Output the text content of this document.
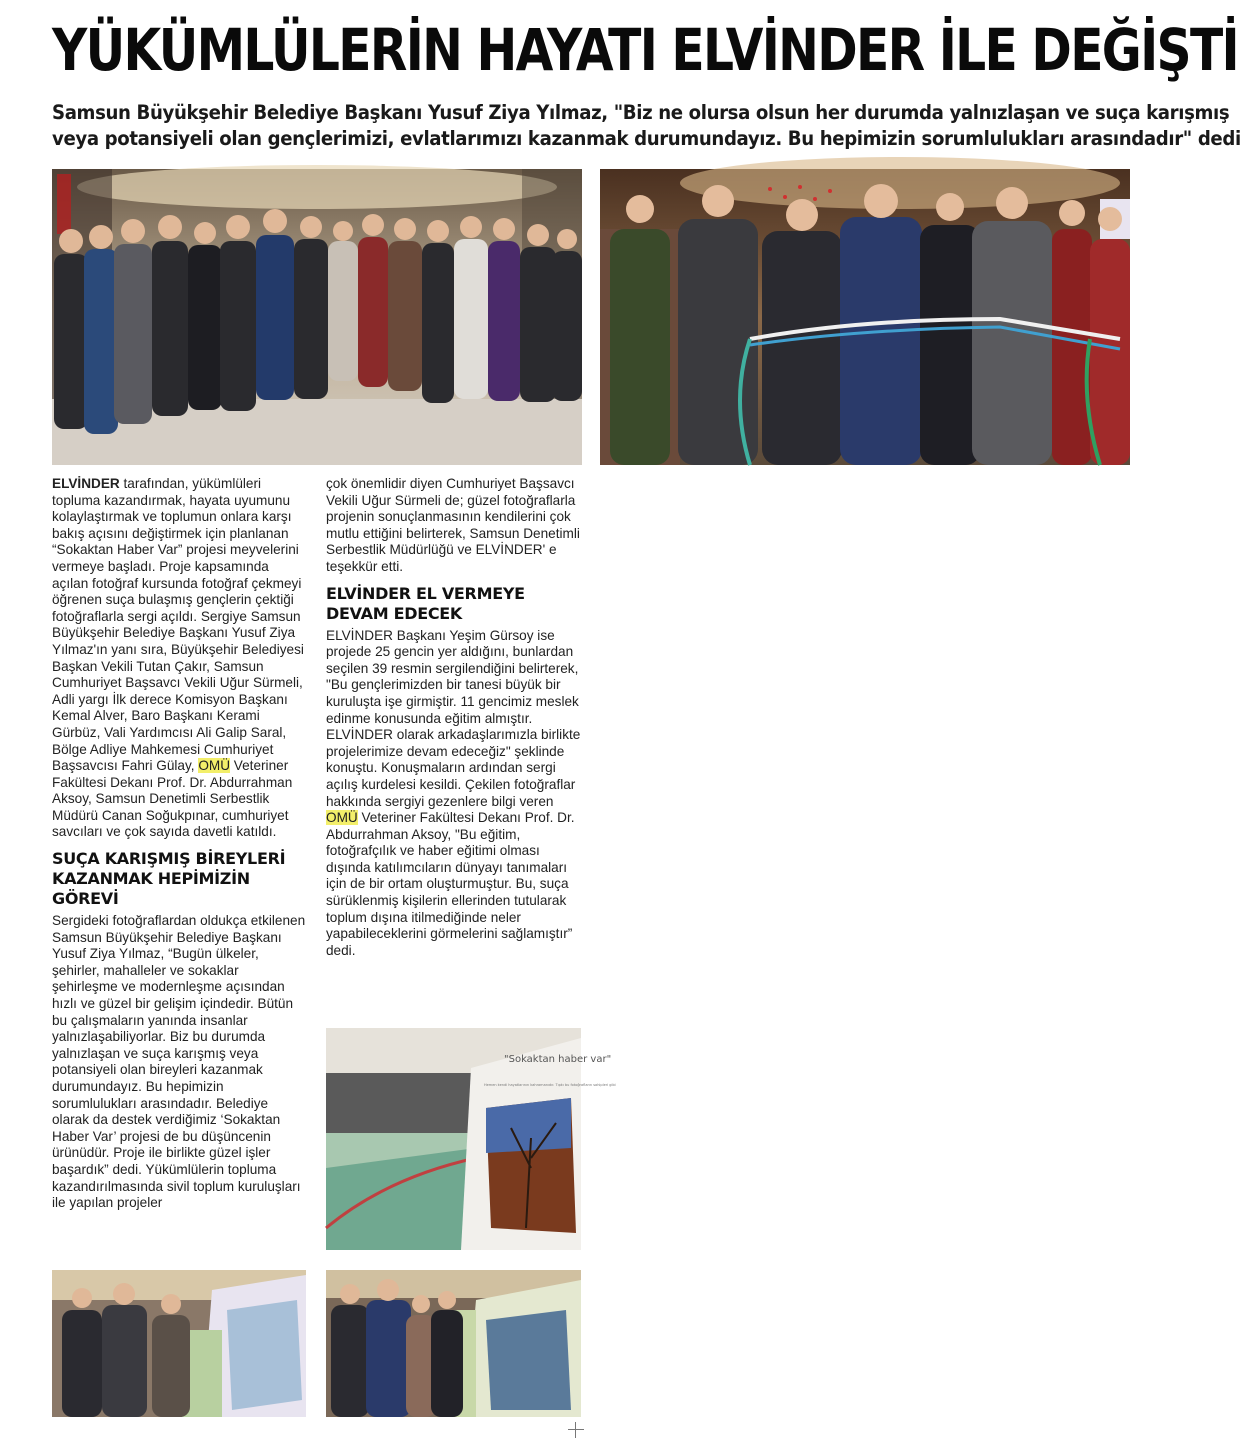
YÜKÜMLÜLERİN HAYATI ELVİNDER İLE DEĞİŞTİ
Samsun Büyükşehir Belediye Başkanı Yusuf Ziya Yılmaz, "Biz ne olursa olsun her durumda yalnızlaşan ve suça karışmış
veya potansiyeli olan gençlerimizi, evlatlarımızı kazanmak durumundayız. Bu hepimizin sorumlulukları arasındadır" dedi
"Sokaktan haber var"
Hemen kendi hayatlarının kahramanıdır. Tıpkı bu fotoğrafların sahipleri gibi

ELVİNDER tarafından, yükümlüleri topluma kazandırmak, hayata uyumunu kolaylaştırmak ve toplumun onlara karşı bakış açısını değiştirmek için planlanan “Sokaktan Haber Var” projesi meyvelerini vermeye başladı. Proje kapsamında açılan fotoğraf kursunda fotoğraf çekmeyi öğrenen suça bulaşmış gençlerin çektiği fotoğraflarla sergi açıldı. Sergiye Samsun Büyükşehir Belediye Başkanı Yusuf Ziya Yılmaz'ın yanı sıra, Büyükşehir Belediyesi Başkan Vekili Tutan Çakır, Samsun Cumhuriyet Başsavcı Vekili Uğur Sürmeli, Adli yargı İlk derece Komisyon Başkanı Kemal Alver, Baro Başkanı Kerami Gürbüz, Vali Yardımcısı Ali Galip Saral, Bölge Adliye Mahkemesi Cumhuriyet Başsavcısı Fahri Gülay, OMÜ Veteriner Fakültesi Dekanı Prof. Dr. Abdurrahman Aksoy, Samsun Denetimli Serbestlik Müdürü Canan Soğukpınar, cumhuriyet savcıları ve çok sayıda davetli katıldı.

SUÇA KARIŞMIŞ BİREYLERİ KAZANMAK HEPİMİZİN GÖREVİ

Sergideki fotoğraflardan oldukça etkilenen Samsun Büyükşehir Belediye Başkanı Yusuf Ziya Yılmaz, “Bugün ülkeler, şehirler, mahalleler ve sokaklar şehirleşme ve modernleşme açısından hızlı ve güzel bir gelişim içindedir. Bütün bu çalışmaların yanında insanlar yalnızlaşabiliyorlar. Biz bu durumda yalnızlaşan ve suça karışmış veya potansiyeli olan bireyleri kazanmak durumundayız. Bu hepimizin sorumlulukları arasındadır. Belediye olarak da destek verdiğimiz ‘Sokaktan Haber Var’ projesi de bu düşüncenin ürünüdür. Proje ile birlikte güzel işler başardık” dedi. Yükümlülerin topluma kazandırılmasında sivil toplum kuruluşları ile yapılan projeler

çok önemlidir diyen Cumhuriyet Başsavcı Vekili Uğur Sürmeli de; güzel fotoğraflarla projenin sonuçlanmasının kendilerini çok mutlu ettiğini belirterek, Samsun Denetimli Serbestlik Müdürlüğü ve ELVİNDER' e teşekkür etti.

ELVİNDER EL VERMEYE DEVAM EDECEK

ELVİNDER Başkanı Yeşim Gürsoy ise projede 25 gencin yer aldığını, bunlardan seçilen 39 resmin sergilendiğini belirterek, "Bu gençlerimizden bir tanesi büyük bir kuruluşta işe girmiştir. 11 gencimiz meslek edinme konusunda eğitim almıştır. ELVİNDER olarak arkadaşlarımızla birlikte projelerimize devam edeceğiz" şeklinde konuştu. Konuşmaların ardından sergi açılış kurdelesi kesildi. Çekilen fotoğraflar hakkında sergiyi gezenlere bilgi veren OMÜ Veteriner Fakültesi Dekanı Prof. Dr. Abdurrahman Aksoy, "Bu eğitim, fotoğrafçılık ve haber eğitimi olması dışında katılımcıların dünyayı tanımaları için de bir ortam oluşturmuştur. Bu, suça sürüklenmiş kişilerin ellerinden tutularak toplum dışına itilmediğinde neler yapabileceklerini görmelerini sağlamıştır” dedi.
